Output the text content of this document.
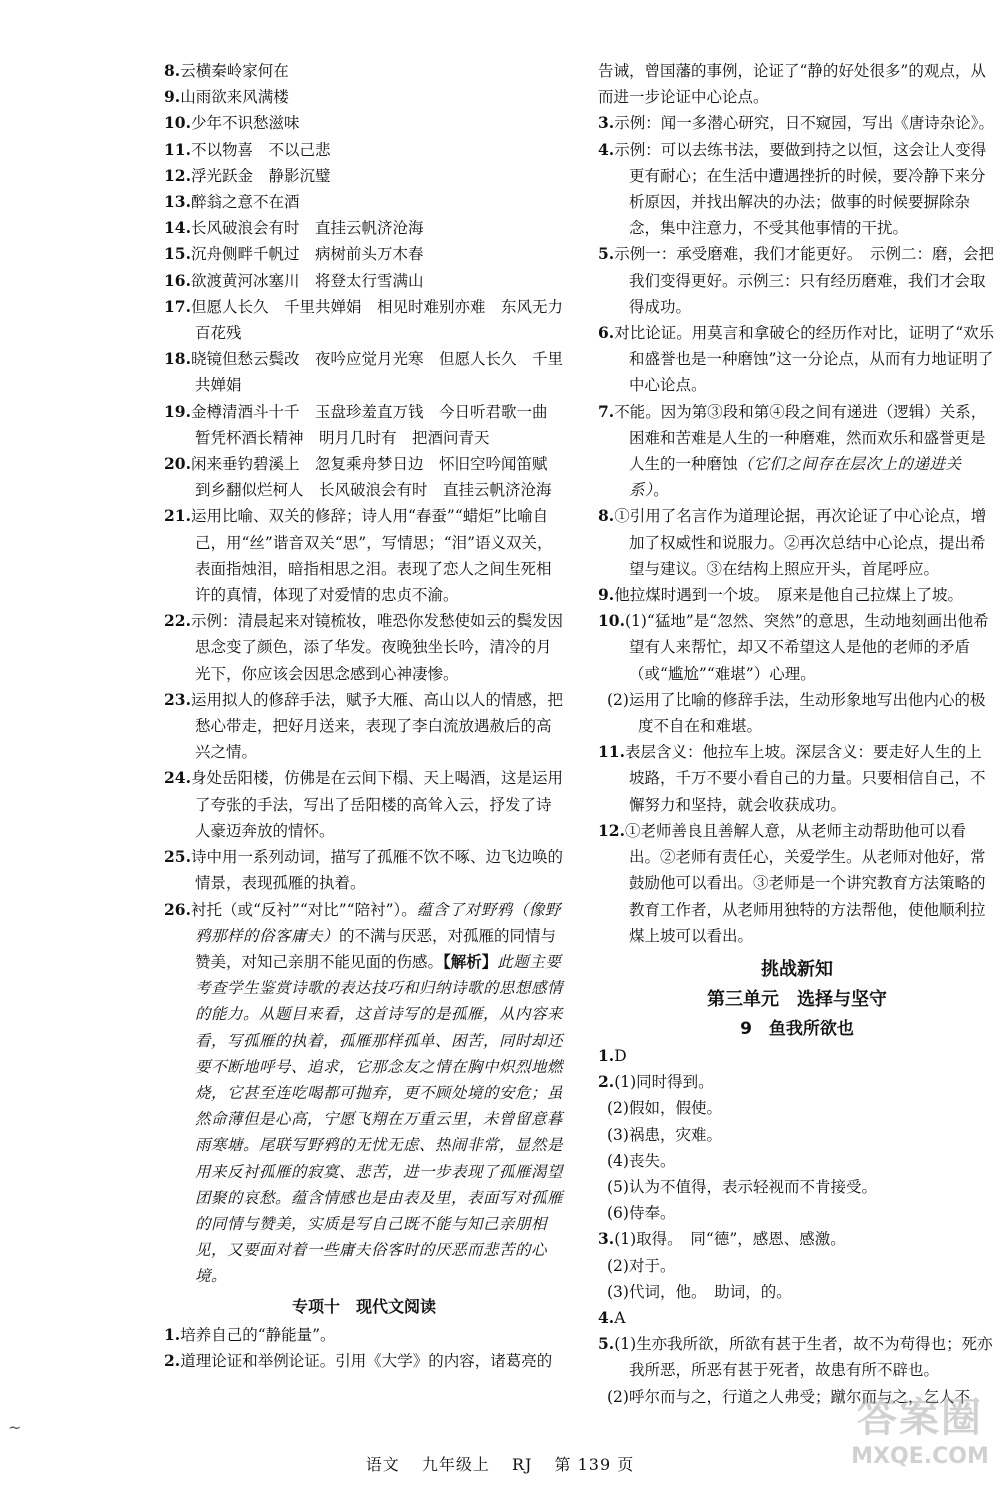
8.云横秦岭家何在
9.山雨欲来风满楼
10.少年不识愁滋味
11.不以物喜　不以己悲
12.浮光跃金　静影沉璧
13.醉翁之意不在酒
14.长风破浪会有时　直挂云帆济沧海
15.沉舟侧畔千帆过　病树前头万木春
16.欲渡黄河冰塞川　将登太行雪满山
17.但愿人长久　千里共婵娟　相见时难别亦难　东风无力百花残
18.晓镜但愁云鬓改　夜吟应觉月光寒　但愿人长久　千里共婵娟
19.金樽清酒斗十千　玉盘珍羞直万钱　今日听君歌一曲　暂凭杯酒长精神　明月几时有　把酒问青天
20.闲来垂钓碧溪上　忽复乘舟梦日边　怀旧空吟闻笛赋　到乡翻似烂柯人　长风破浪会有时　直挂云帆济沧海
21.运用比喻、双关的修辞；诗人用“春蚕”“蜡炬”比喻自己，用“丝”谐音双关“思”，写情思；“泪”语义双关，表面指烛泪，暗指相思之泪。表现了恋人之间生死相许的真情，体现了对爱情的忠贞不渝。
22.示例：清晨起来对镜梳妆，唯恐你发愁使如云的鬓发因思念变了颜色，添了华发。夜晚独坐长吟，清冷的月光下，你应该会因思念感到心神凄惨。
23.运用拟人的修辞手法，赋予大雁、高山以人的情感，把愁心带走，把好月送来，表现了李白流放遇赦后的高兴之情。
24.身处岳阳楼，仿佛是在云间下榻、天上喝酒，这是运用了夸张的手法，写出了岳阳楼的高耸入云，抒发了诗人豪迈奔放的情怀。
25.诗中用一系列动词，描写了孤雁不饮不啄、边飞边唤的情景，表现孤雁的执着。
26.衬托（或“反衬”“对比”“陪衬”）。蕴含了对野鸦（像野鸦那样的俗客庸夫）的不满与厌恶，对孤雁的同情与赞美，对知己亲朋不能见面的伤感。【解析】此题主要考查学生鉴赏诗歌的表达技巧和归纳诗歌的思想感情的能力。从题目来看，这首诗写的是孤雁，从内容来看，写孤雁的执着，孤雁那样孤单、困苦，同时却还要不断地呼号、追求，它那念友之情在胸中炽烈地燃烧，它甚至连吃喝都可抛弃，更不顾处境的安危；虽然命薄但是心高，宁愿飞翔在万重云里，未曾留意暮雨寒塘。尾联写野鸦的无忧无虑、热闹非常，显然是用来反衬孤雁的寂寞、悲苦，进一步表现了孤雁渴望团聚的哀愁。蕴含情感也是由表及里，表面写对孤雁的同情与赞美，实质是写自己既不能与知己亲朋相见，又要面对着一些庸夫俗客时的厌恶而悲苦的心境。
专项十　现代文阅读
1.培养自己的“静能量”。
2.道理论证和举例论证。引用《大学》的内容，诸葛亮的
告诫，曾国藩的事例，论证了“静的好处很多”的观点，从而进一步论证中心论点。
3.示例：闻一多潜心研究，日不窥园，写出《唐诗杂论》。
4.示例：可以去练书法，要做到持之以恒，这会让人变得更有耐心；在生活中遭遇挫折的时候，要冷静下来分析原因，并找出解决的办法；做事的时候要摒除杂念，集中注意力，不受其他事情的干扰。
5.示例一：承受磨难，我们才能更好。　示例二：磨，会把我们变得更好。示例三：只有经历磨难，我们才会取得成功。
6.对比论证。用莫言和拿破仑的经历作对比，证明了“欢乐和盛誉也是一种磨蚀”这一分论点，从而有力地证明了中心论点。
7.不能。因为第③段和第④段之间有递进（逻辑）关系，困难和苦难是人生的一种磨难，然而欢乐和盛誉更是人生的一种磨蚀（它们之间存在层次上的递进关系）。
8.①引用了名言作为道理论据，再次论证了中心论点，增加了权威性和说服力。②再次总结中心论点，提出希望与建议。③在结构上照应开头，首尾呼应。
9.他拉煤时遇到一个坡。　原来是他自己拉煤上了坡。
10.(1)“猛地”是“忽然、突然”的意思，生动地刻画出他希望有人来帮忙，却又不希望这人是他的老师的矛盾（或“尴尬”“难堪”）心理。
(2)运用了比喻的修辞手法，生动形象地写出他内心的极度不自在和难堪。
11.表层含义：他拉车上坡。深层含义：要走好人生的上坡路，千万不要小看自己的力量。只要相信自己，不懈努力和坚持，就会收获成功。
12.①老师善良且善解人意，从老师主动帮助他可以看出。②老师有责任心，关爱学生。从老师对他好，常鼓励他可以看出。③老师是一个讲究教育方法策略的教育工作者，从老师用独特的方法帮他，使他顺利拉煤上坡可以看出。
挑战新知
第三单元　选择与坚守
9　鱼我所欲也
1.D
2.(1)同时得到。
(2)假如，假使。
(3)祸患，灾难。
(4)丧失。
(5)认为不值得，表示轻视而不肯接受。
(6)侍奉。
3.(1)取得。　同“德”，感恩、感激。
(2)对于。
(3)代词，他。　助词，的。
4.A
5.(1)生亦我所欲，所欲有甚于生者，故不为苟得也；死亦我所恶，所恶有甚于死者，故患有所不辟也。
(2)呼尔而与之，行道之人弗受；蹴尔而与之，乞人不
语文 九年级上 RJ 第 139 页
~	答案圈
MXQE.COM
